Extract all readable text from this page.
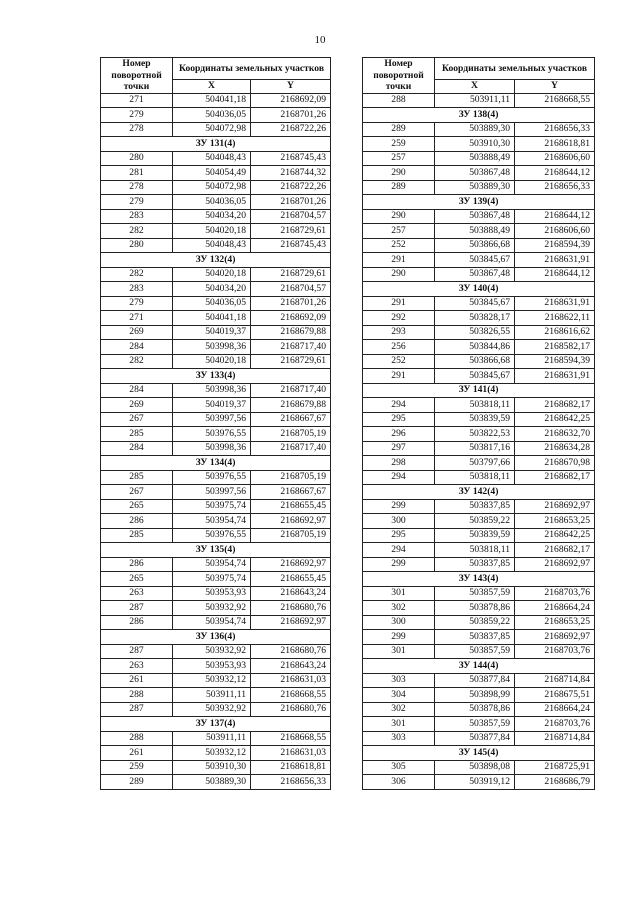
10
Номер поворотной точки	Координаты земельных участков	
	X	Y
271	504041,18	2168692,09
279	504036,05	2168701,26
278	504072,98	2168722,26
ЗУ 131(4)		
280	504048,43	2168745,43
281	504054,49	2168744,32
278	504072,98	2168722,26
279	504036,05	2168701,26
283	504034,20	2168704,57
282	504020,18	2168729,61
280	504048,43	2168745,43
ЗУ 132(4)		
282	504020,18	2168729,61
283	504034,20	2168704,57
279	504036,05	2168701,26
271	504041,18	2168692,09
269	504019,37	2168679,88
284	503998,36	2168717,40
282	504020,18	2168729,61
ЗУ 133(4)		
284	503998,36	2168717,40
269	504019,37	2168679,88
267	503997,56	2168667,67
285	503976,55	2168705,19
284	503998,36	2168717,40
ЗУ 134(4)		
285	503976,55	2168705,19
267	503997,56	2168667,67
265	503975,74	2168655,45
286	503954,74	2168692,97
285	503976,55	2168705,19
ЗУ 135(4)		
286	503954,74	2168692,97
265	503975,74	2168655,45
263	503953,93	2168643,24
287	503932,92	2168680,76
286	503954,74	2168692,97
ЗУ 136(4)		
287	503932,92	2168680,76
263	503953,93	2168643,24
261	503932,12	2168631,03
288	503911,11	2168668,55
287	503932,92	2168680,76
ЗУ 137(4)		
288	503911,11	2168668,55
261	503932,12	2168631,03
259	503910,30	2168618,81
289	503889,30	2168656,33
Номер поворотной точки	Координаты земельных участков	
	X	Y
288	503911,11	2168668,55
ЗУ 138(4)		
289	503889,30	2168656,33
259	503910,30	2168618,81
257	503888,49	2168606,60
290	503867,48	2168644,12
289	503889,30	2168656,33
ЗУ 139(4)		
290	503867,48	2168644,12
257	503888,49	2168606,60
252	503866,68	2168594,39
291	503845,67	2168631,91
290	503867,48	2168644,12
ЗУ 140(4)		
291	503845,67	2168631,91
292	503828,17	2168622,11
293	503826,55	2168616,62
256	503844,86	2168582,17
252	503866,68	2168594,39
291	503845,67	2168631,91
ЗУ 141(4)		
294	503818,11	2168682,17
295	503839,59	2168642,25
296	503822,53	2168632,70
297	503817,16	2168634,28
298	503797,66	2168670,98
294	503818,11	2168682,17
ЗУ 142(4)		
299	503837,85	2168692,97
300	503859,22	2168653,25
295	503839,59	2168642,25
294	503818,11	2168682,17
299	503837,85	2168692,97
ЗУ 143(4)		
301	503857,59	2168703,76
302	503878,86	2168664,24
300	503859,22	2168653,25
299	503837,85	2168692,97
301	503857,59	2168703,76
ЗУ 144(4)		
303	503877,84	2168714,84
304	503898,99	2168675,51
302	503878,86	2168664,24
301	503857,59	2168703,76
303	503877,84	2168714,84
ЗУ 145(4)		
305	503898,08	2168725,91
306	503919,12	2168686,79
